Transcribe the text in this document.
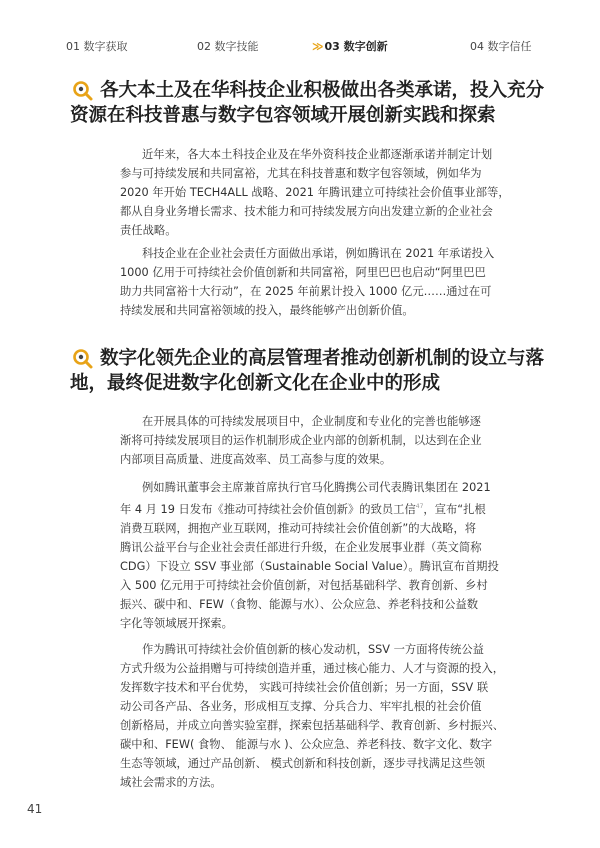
01 数字获取	02 数字技能	≫ 03 数字创新	04 数字信任
各大本土及在华科技企业积极做出各类承诺，投入充分
资源在科技普惠与数字包容领域开展创新实践和探索
近年来，各大本土科技企业及在华外资科技企业都逐渐承诺并制定计划
参与可持续发展和共同富裕，尤其在科技普惠和数字包容领域，例如华为
2020 年开始 TECH4ALL 战略、2021 年腾讯建立可持续社会价值事业部等，
都从自身业务增长需求、技术能力和可持续发展方向出发建立新的企业社会
责任战略。
科技企业在企业社会责任方面做出承诺，例如腾讯在 2021 年承诺投入
1000 亿用于可持续社会价值创新和共同富裕，阿里巴巴也启动“阿里巴巴
助力共同富裕十大行动”，在 2025 年前累计投入 1000 亿元……通过在可
持续发展和共同富裕领域的投入，最终能够产出创新价值。
数字化领先企业的高层管理者推动创新机制的设立与落
地，最终促进数字化创新文化在企业中的形成
在开展具体的可持续发展项目中，企业制度和专业化的完善也能够逐
渐将可持续发展项目的运作机制形成企业内部的创新机制，以达到在企业
内部项目高质量、进度高效率、员工高参与度的效果。
例如腾讯董事会主席兼首席执行官马化腾携公司代表腾讯集团在 2021
年 4 月 19 日发布《推动可持续社会价值创新》的致员工信$^{47}$，宣布“扎根
消费互联网，拥抱产业互联网，推动可持续社会价值创新”的大战略，将
腾讯公益平台与企业社会责任部进行升级，在企业发展事业群（英文简称
CDG）下设立 SSV 事业部（Sustainable Social Value）。腾讯宣布首期投
入 500 亿元用于可持续社会价值创新，对包括基础科学、教育创新、乡村
振兴、碳中和、FEW（食物、能源与水）、公众应急、养老科技和公益数
字化等领域展开探索。
作为腾讯可持续社会价值创新的核心发动机，SSV 一方面将传统公益
方式升级为公益捐赠与可持续创造并重，通过核心能力、人才与资源的投入，
发挥数字技术和平台优势， 实践可持续社会价值创新；另一方面，SSV 联
动公司各产品、各业务，形成相互支撑、分兵合力、牢牢扎根的社会价值
创新格局，并成立向善实验室群，探索包括基础科学、教育创新、乡村振兴、
碳中和、FEW( 食物、 能源与水 )、公众应急、养老科技、数字文化、数字
生态等领域，通过产品创新、 模式创新和科技创新，逐步寻找满足这些领
域社会需求的方法。
41
